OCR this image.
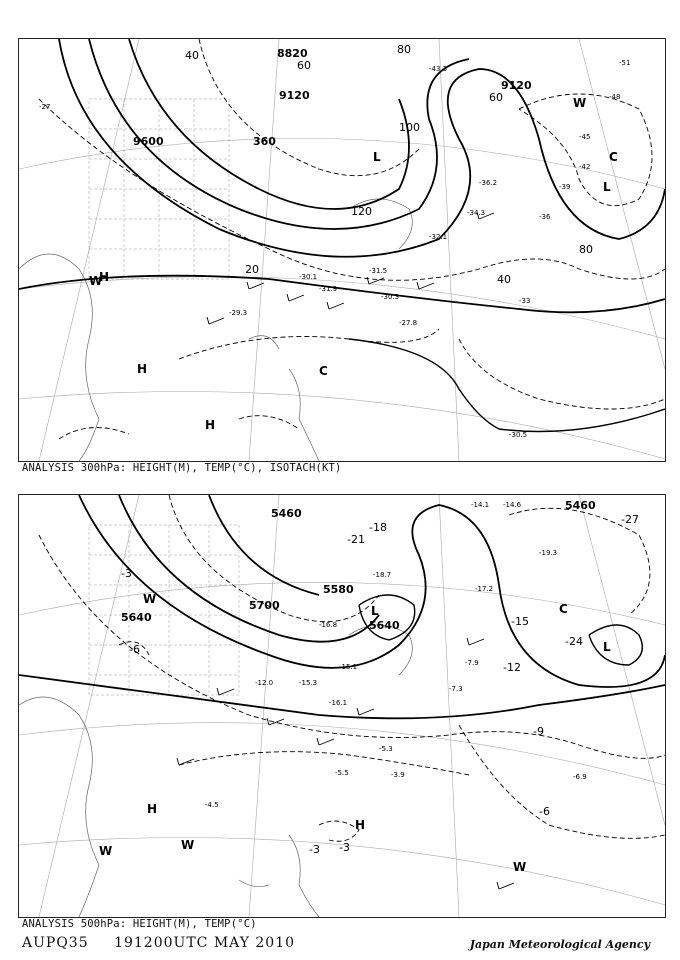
8820
9120
9120
9600	360
40
60
80
100
120
80
60
40
20
-27
-30.5
-30.3
-31.5
-33
-36
-39
-42
-45
-48
-51
-27.8
-29.3
-30.1
-31.9
-32.1
-34.3
-36.2
-43.3
H
H
H
C
L
L
C
W
W
ANALYSIS 300hPa: HEIGHT(M), TEMP(°C), ISOTACH(KT)
5460
5460
5580
5700
5640
5640
-3
-6
-9
-12
-15
-18
-21
-24
-27
-3 -3
-6
-18.7
-16.8
-15.1
-12.0
-7.9
-7.3
-5.5
-5.3
-4.5
-3.9	-6.9
-14.1
-17.2
-15.3
-14.6
-16.1
-19.3
H
H
L
L
C
W
W	W
W
ANALYSIS 500hPa: HEIGHT(M), TEMP(°C)
AUPQ35 191200UTC MAY 2010	Japan Meteorological Agency
